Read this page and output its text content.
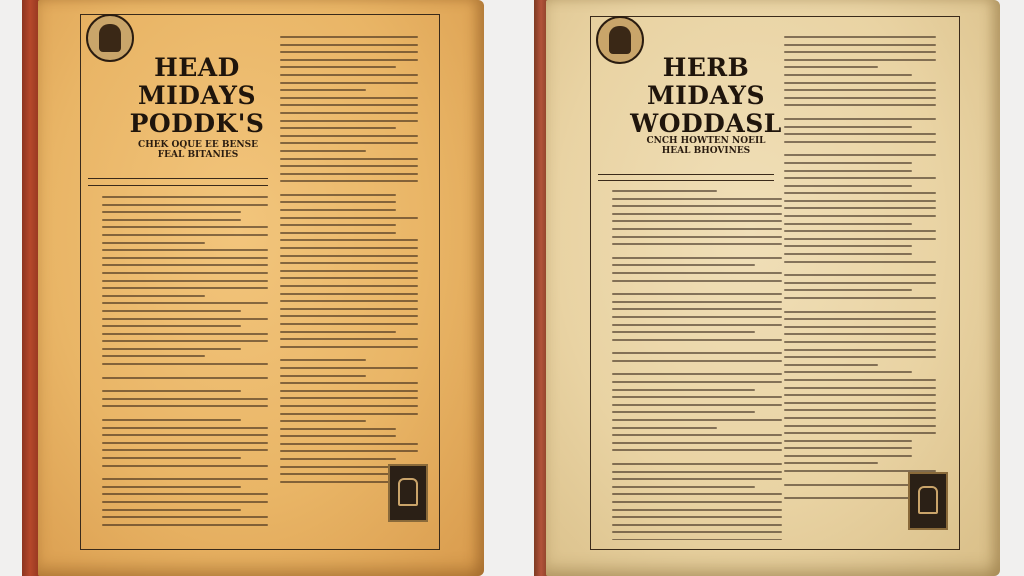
HEAD
MIDAYS
PODDK'S
CHEK OQUE EE BENSE
FEAL BITANIES
HERB
MIDAYS
WODDASL
CNCH HOWTEN NOEIL
HEAL BHOVINES
